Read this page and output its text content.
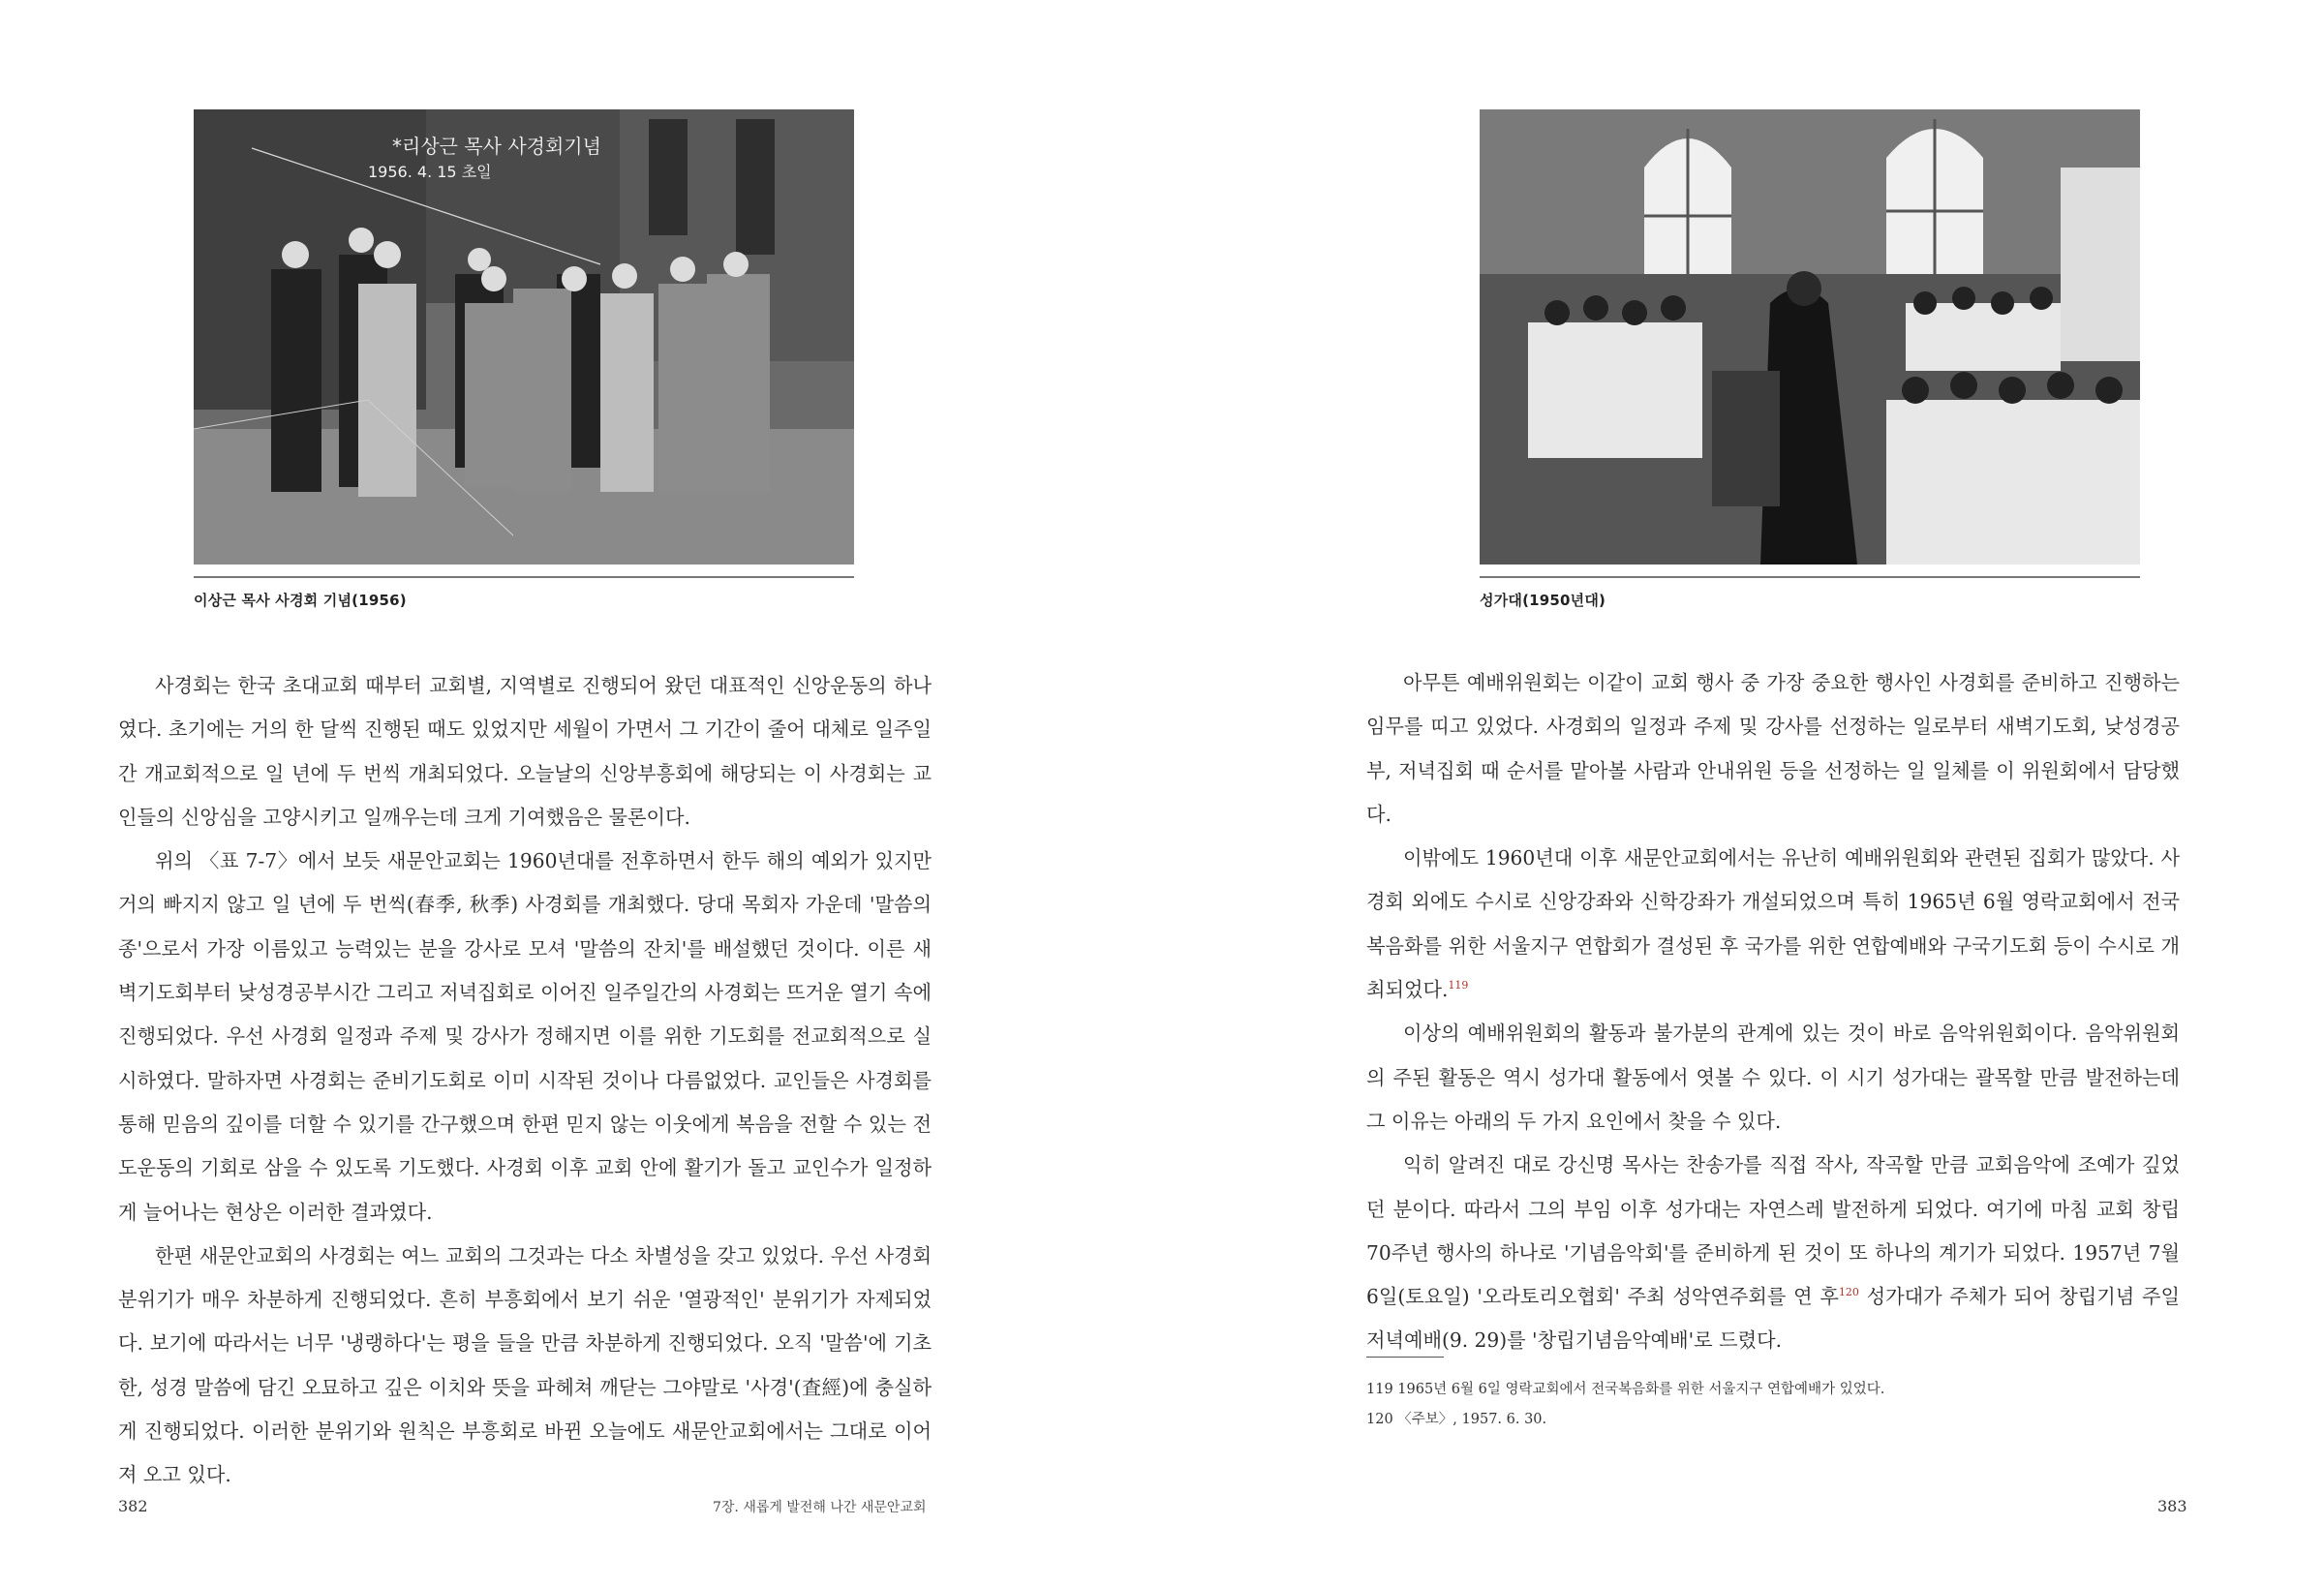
*리상근 목사 사경회기념
1956. 4. 15 초일
이상근 목사 사경회 기념(1956)

사경회는 한국 초대교회 때부터 교회별, 지역별로 진행되어 왔던 대표적인 신앙운동의 하나였다. 초기에는 거의 한 달씩 진행된 때도 있었지만 세월이 가면서 그 기간이 줄어 대체로 일주일간 개교회적으로 일 년에 두 번씩 개최되었다. 오늘날의 신앙부흥회에 해당되는 이 사경회는 교인들의 신앙심을 고양시키고 일깨우는데 크게 기여했음은 물론이다.

위의 〈표 7-7〉에서 보듯 새문안교회는 1960년대를 전후하면서 한두 해의 예외가 있지만 거의 빠지지 않고 일 년에 두 번씩(春季, 秋季) 사경회를 개최했다. 당대 목회자 가운데 '말씀의 종'으로서 가장 이름있고 능력있는 분을 강사로 모셔 '말씀의 잔치'를 배설했던 것이다. 이른 새벽기도회부터 낮성경공부시간 그리고 저녁집회로 이어진 일주일간의 사경회는 뜨거운 열기 속에 진행되었다. 우선 사경회 일정과 주제 및 강사가 정해지면 이를 위한 기도회를 전교회적으로 실시하였다. 말하자면 사경회는 준비기도회로 이미 시작된 것이나 다름없었다. 교인들은 사경회를 통해 믿음의 깊이를 더할 수 있기를 간구했으며 한편 믿지 않는 이웃에게 복음을 전할 수 있는 전도운동의 기회로 삼을 수 있도록 기도했다. 사경회 이후 교회 안에 활기가 돌고 교인수가 일정하게 늘어나는 현상은 이러한 결과였다.

한편 새문안교회의 사경회는 여느 교회의 그것과는 다소 차별성을 갖고 있었다. 우선 사경회 분위기가 매우 차분하게 진행되었다. 흔히 부흥회에서 보기 쉬운 '열광적인' 분위기가 자제되었다. 보기에 따라서는 너무 '냉랭하다'는 평을 들을 만큼 차분하게 진행되었다. 오직 '말씀'에 기초한, 성경 말씀에 담긴 오묘하고 깊은 이치와 뜻을 파헤쳐 깨닫는 그야말로 '사경'(査經)에 충실하게 진행되었다. 이러한 분위기와 원칙은 부흥회로 바뀐 오늘에도 새문안교회에서는 그대로 이어져 오고 있다.

382	7장. 새롭게 발전해 나간 새문안교회
성가대(1950년대)

아무튼 예배위원회는 이같이 교회 행사 중 가장 중요한 행사인 사경회를 준비하고 진행하는 임무를 띠고 있었다. 사경회의 일정과 주제 및 강사를 선정하는 일로부터 새벽기도회, 낮성경공부, 저녁집회 때 순서를 맡아볼 사람과 안내위원 등을 선정하는 일 일체를 이 위원회에서 담당했다.

이밖에도 1960년대 이후 새문안교회에서는 유난히 예배위원회와 관련된 집회가 많았다. 사경회 외에도 수시로 신앙강좌와 신학강좌가 개설되었으며 특히 1965년 6월 영락교회에서 전국복음화를 위한 서울지구 연합회가 결성된 후 국가를 위한 연합예배와 구국기도회 등이 수시로 개최되었다.$^{119}$

이상의 예배위원회의 활동과 불가분의 관계에 있는 것이 바로 음악위원회이다. 음악위원회의 주된 활동은 역시 성가대 활동에서 엿볼 수 있다. 이 시기 성가대는 괄목할 만큼 발전하는데 그 이유는 아래의 두 가지 요인에서 찾을 수 있다.

익히 알려진 대로 강신명 목사는 찬송가를 직접 작사, 작곡할 만큼 교회음악에 조예가 깊었던 분이다. 따라서 그의 부임 이후 성가대는 자연스레 발전하게 되었다. 여기에 마침 교회 창립 70주년 행사의 하나로 '기념음악회'를 준비하게 된 것이 또 하나의 계기가 되었다. 1957년 7월 6일(토요일) '오라토리오협회' 주최 성악연주회를 연 후$^{120}$ 성가대가 주체가 되어 창립기념 주일 저녁예배(9. 29)를 '창립기념음악예배'로 드렸다.

119 1965년 6월 6일 영락교회에서 전국복음화를 위한 서울지구 연합예배가 있었다.
120 〈주보〉, 1957. 6. 30.
383
